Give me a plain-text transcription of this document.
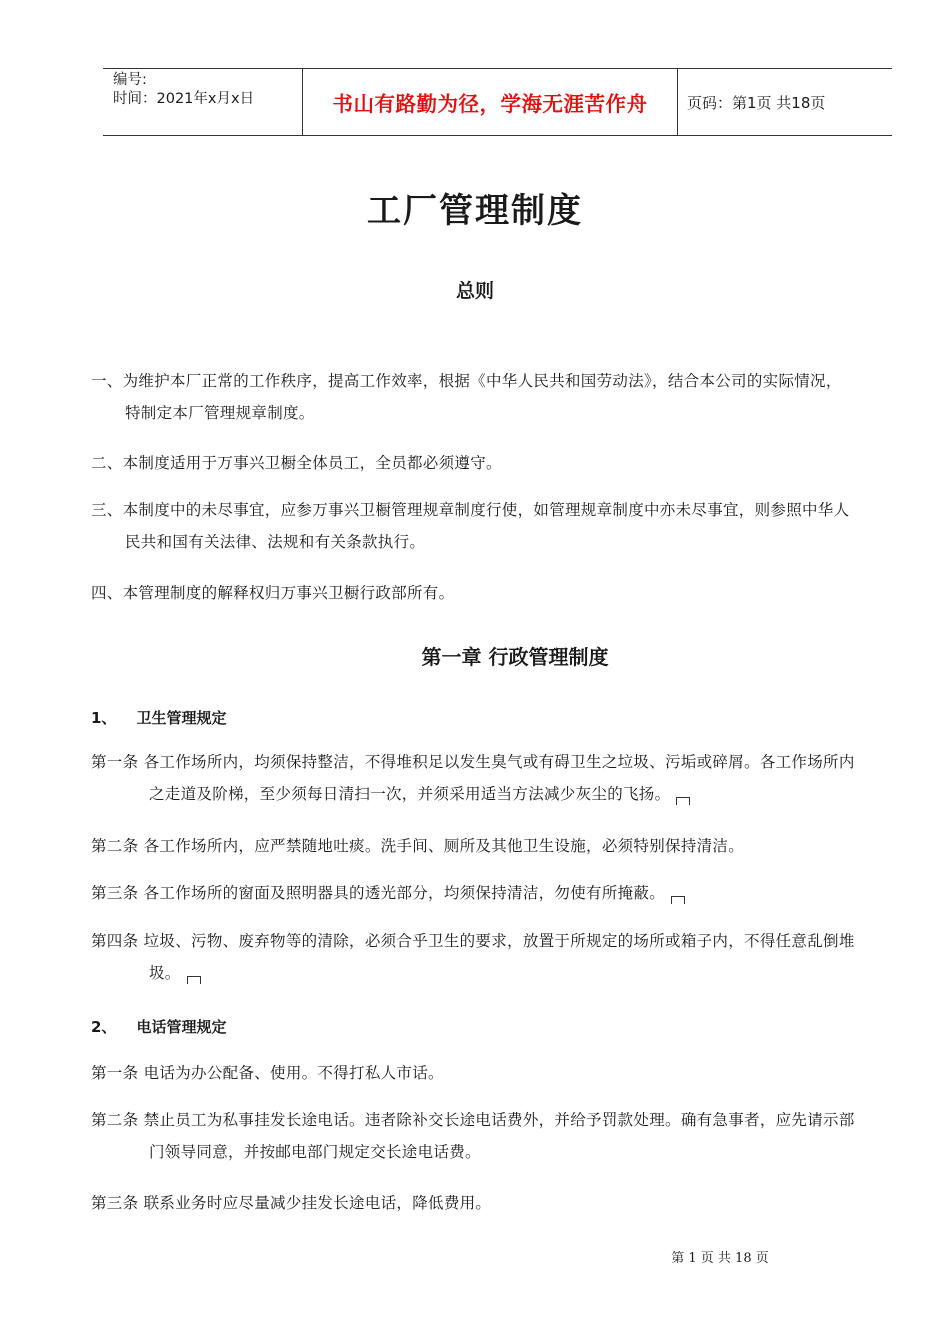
编号:
时间：2021年x月x日	书山有路勤为径，学海无涯苦作舟	页码：第1页 共18页
工厂管理制度
总则
一、为维护本厂正常的工作秩序，提高工作效率，根据《中华人民共和国劳动法》，结合本公司的实际情况，
特制定本厂管理规章制度。
二、本制度适用于万事兴卫橱全体员工，全员都必须遵守。
三、本制度中的未尽事宜，应参万事兴卫橱管理规章制度行使，如管理规章制度中亦未尽事宜，则参照中华人
民共和国有关法律、法规和有关条款执行。
四、本管理制度的解释权归万事兴卫橱行政部所有。
第一章 行政管理制度
1、 卫生管理规定
第一条 各工作场所内，均须保持整洁，不得堆积足以发生臭气或有碍卫生之垃圾、污垢或碎屑。各工作场所内
之走道及阶梯，至少须每日清扫一次，并须采用适当方法减少灰尘的飞扬。
第二条 各工作场所内，应严禁随地吐痰。洗手间、厕所及其他卫生设施，必须特别保持清洁。
第三条 各工作场所的窗面及照明器具的透光部分，均须保持清洁，勿使有所掩蔽。
第四条 垃圾、污物、废弃物等的清除，必须合乎卫生的要求，放置于所规定的场所或箱子内，不得任意乱倒堆
圾。
2、 电话管理规定
第一条 电话为办公配备、使用。不得打私人市话。
第二条 禁止员工为私事挂发长途电话。违者除补交长途电话费外，并给予罚款处理。确有急事者，应先请示部
门领导同意，并按邮电部门规定交长途电话费。
第三条 联系业务时应尽量减少挂发长途电话，降低费用。
第 1 页 共 18 页
